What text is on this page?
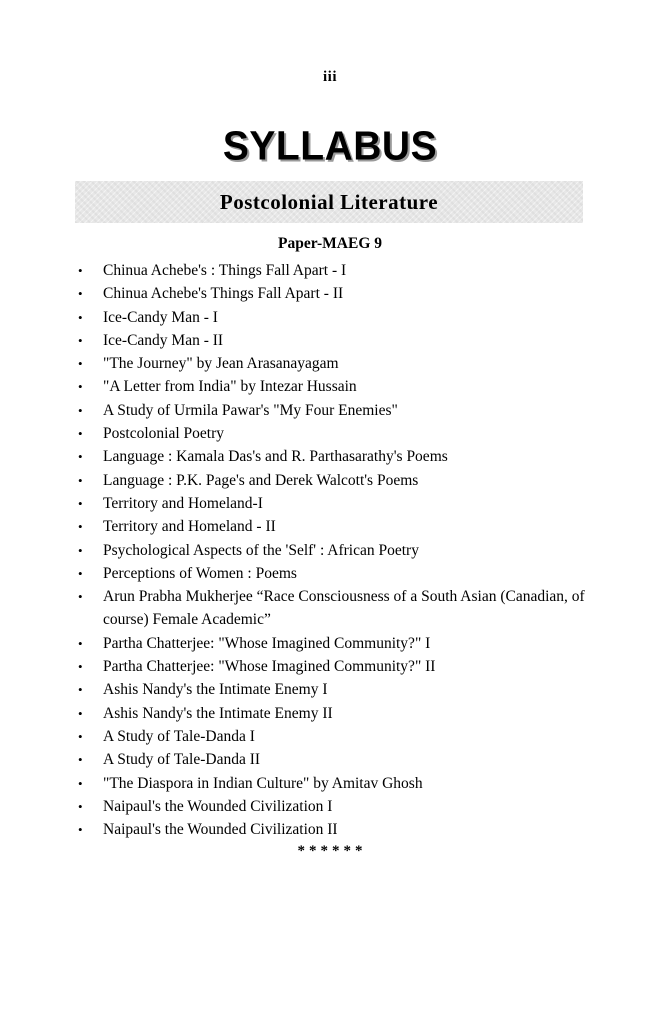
iii
SYLLABUS
Postcolonial Literature
Paper-MAEG 9
•	Chinua Achebe's : Things Fall Apart - I
•	Chinua Achebe's Things Fall Apart - II
•	Ice-Candy Man - I
•	Ice-Candy Man - II
•	"The Journey" by Jean Arasanayagam
•	"A Letter from India" by Intezar Hussain
•	A Study of Urmila Pawar's "My Four Enemies"
•	Postcolonial Poetry
•	Language : Kamala Das's and R. Parthasarathy's Poems
•	Language : P.K. Page's and Derek Walcott's Poems
•	Territory and Homeland-I
•	Territory and Homeland - II
•	Psychological Aspects of the 'Self' : African Poetry
•	Perceptions of Women : Poems
•	Arun Prabha Mukherjee “Race Consciousness of a South Asian (Canadian, of course) Female Academic”
•	Partha Chatterjee: "Whose Imagined Community?" I
•	Partha Chatterjee: "Whose Imagined Community?" II
•	Ashis Nandy's the Intimate Enemy I
•	Ashis Nandy's the Intimate Enemy II
•	A Study of Tale-Danda I
•	A Study of Tale-Danda II
•	"The Diaspora in Indian Culture" by Amitav Ghosh
•	Naipaul's the Wounded Civilization I
•	Naipaul's the Wounded Civilization II
******
